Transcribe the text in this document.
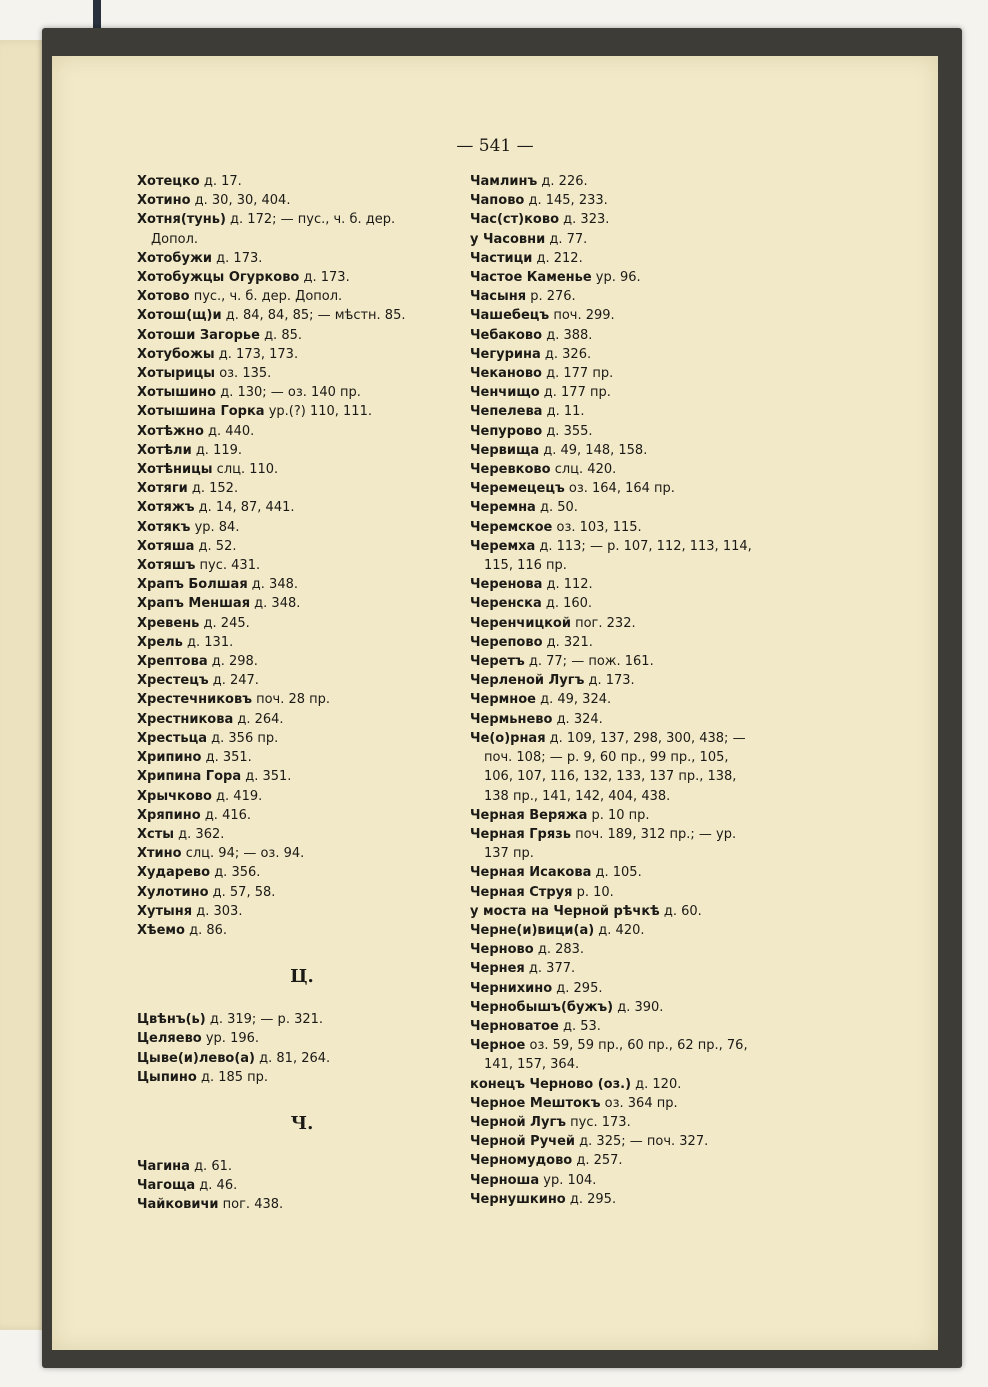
— 541 —
Хотецко д. 17.
Хотино д. 30, 30, 404.
Хотня(тунь) д. 172; — пус., ч. б. дер.
Допол.
Хотобужи д. 173.
Хотобужцы Огурково д. 173.
Хотово пус., ч. б. дер. Допол.
Хотош(щ)и д. 84, 84, 85; — мѣстн. 85.
Хотоши Загорье д. 85.
Хотубожы д. 173, 173.
Хотырицы оз. 135.
Хотышино д. 130; — оз. 140 пр.
Хотышина Горка ур.(?) 110, 111.
Хотѣжно д. 440.
Хотѣли д. 119.
Хотѣницы слц. 110.
Хотяги д. 152.
Хотяжъ д. 14, 87, 441.
Хотякъ ур. 84.
Хотяша д. 52.
Хотяшъ пус. 431.
Храпъ Болшая д. 348.
Храпъ Меншая д. 348.
Хревень д. 245.
Хрель д. 131.
Хрептова д. 298.
Хрестецъ д. 247.
Хрестечниковъ поч. 28 пр.
Хрестникова д. 264.
Хрестьца д. 356 пр.
Хрипино д. 351.
Хрипина Гора д. 351.
Хрычково д. 419.
Хряпино д. 416.
Хсты д. 362.
Хтино слц. 94; — оз. 94.
Хударево д. 356.
Хулотино д. 57, 58.
Хутыня д. 303.
Хѣемо д. 86.
Ц.
Цвѣнъ(ь) д. 319; — р. 321.
Целяево ур. 196.
Цыве(и)лево(а) д. 81, 264.
Цыпино д. 185 пр.
Ч.
Чагина д. 61.
Чагоща д. 46.
Чайковичи пог. 438.
Чамлинъ д. 226.
Чапово д. 145, 233.
Час(ст)ково д. 323.
у Часовни д. 77.
Частици д. 212.
Частое Каменье ур. 96.
Часыня р. 276.
Чашебецъ поч. 299.
Чебаково д. 388.
Чегурина д. 326.
Чеканово д. 177 пр.
Ченчищо д. 177 пр.
Чепелева д. 11.
Чепурово д. 355.
Червища д. 49, 148, 158.
Черевково слц. 420.
Черемецецъ оз. 164, 164 пр.
Черемна д. 50.
Черемское оз. 103, 115.
Черемха д. 113; — р. 107, 112, 113, 114,
115, 116 пр.
Черенова д. 112.
Черенска д. 160.
Черенчицкой пог. 232.
Черепово д. 321.
Черетъ д. 77; — пож. 161.
Черленой Лугъ д. 173.
Чермное д. 49, 324.
Чермьнево д. 324.
Че(о)рная д. 109, 137, 298, 300, 438; —
поч. 108; — р. 9, 60 пр., 99 пр., 105,
106, 107, 116, 132, 133, 137 пр., 138,
138 пр., 141, 142, 404, 438.
Черная Веряжа р. 10 пр.
Черная Грязь поч. 189, 312 пр.; — ур.
137 пр.
Черная Исакова д. 105.
Черная Струя р. 10.
у моста на Черной рѣчкѣ д. 60.
Черне(и)вици(а) д. 420.
Черново д. 283.
Чернея д. 377.
Чернихино д. 295.
Чернобышъ(бужъ) д. 390.
Черноватое д. 53.
Черное оз. 59, 59 пр., 60 пр., 62 пр., 76,
141, 157, 364.
конецъ Черново (оз.) д. 120.
Черное Мештокъ оз. 364 пр.
Черной Лугъ пус. 173.
Черной Ручей д. 325; — поч. 327.
Черномудово д. 257.
Черноша ур. 104.
Чернушкино д. 295.
